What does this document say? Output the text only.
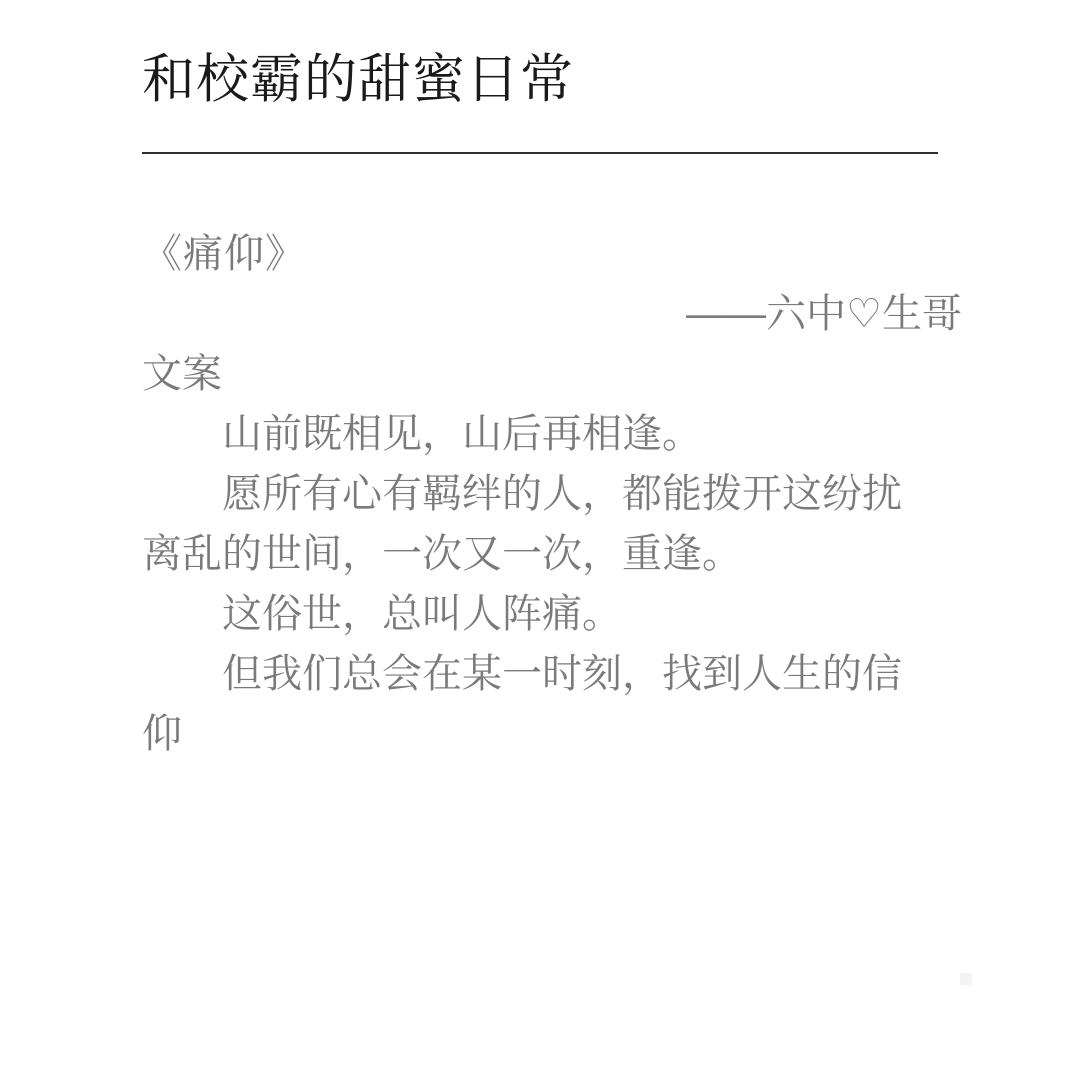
和校霸的甜蜜日常

《痛仰》

——六中♡生哥

文案

山前既相见，山后再相逢。

愿所有心有羁绊的人，都能拨开这纷扰离乱的世间，一次又一次，重逢。

这俗世，总叫人阵痛。

但我们总会在某一时刻，找到人生的信仰
